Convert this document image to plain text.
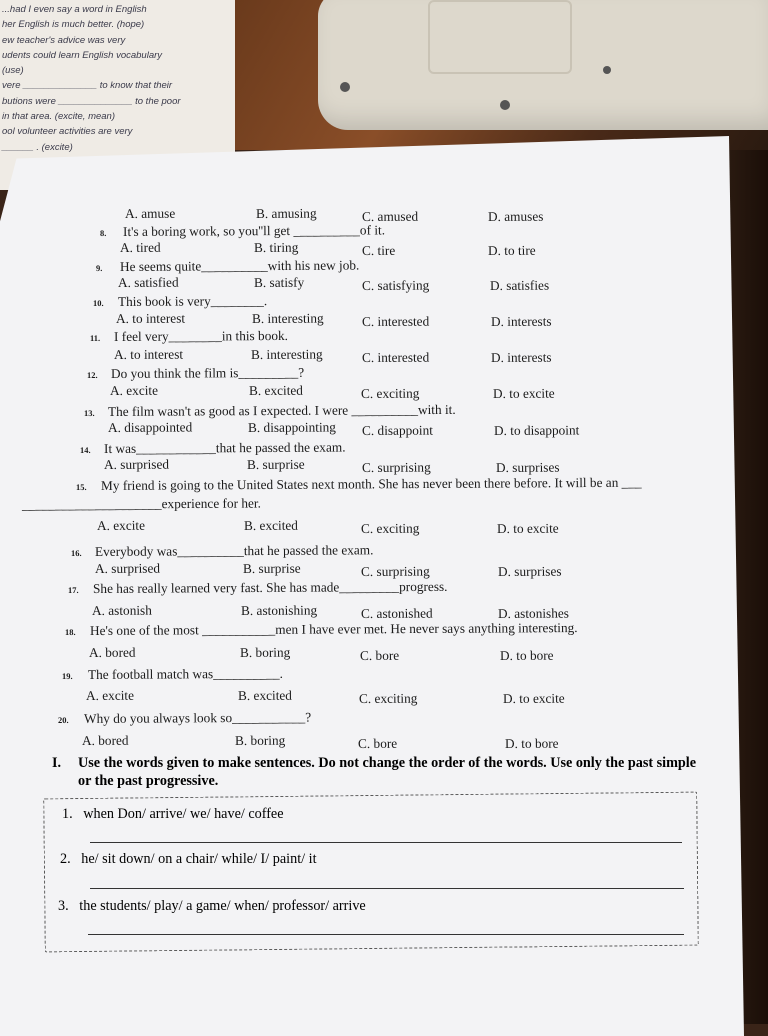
...had I even say a word in English
her English is much better. (hope)
ew teacher's advice was very
udents could learn English vocabulary
(use)
vere ______________ to know that their
butions were ______________ to the poor
in that area. (excite, mean)
ool volunteer activities are very
______ . (excite)
A. amuse	B. amusing	C. amused	D. amuses
8. It's a boring work, so you''ll get __________of it.
A. tired	B. tiring	C. tire	D. to tire
9. He seems quite__________with his new job.
A. satisfied	B. satisfy	C. satisfying	D. satisfies
10. This book is very________.
A. to interest	B. interesting	C. interested	D. interests
11. I feel very________in this book.
A. to interest	B. interesting	C. interested	D. interests
12. Do you think the film is_________?
A. excite	B. excited	C. exciting	D. to excite
13. The film wasn't as good as I expected. I were __________with it.
A. disappointed	B. disappointing C. disappoint	D. to disappoint
14. It was____________that he passed the exam.
A. surprised	B. surprise	C. surprising	D. surprises
15. My friend is going to the United States next month. She has never been there before. It will be an ___
_____________________experience for her.
A. excite	B. excited	C. exciting	D. to excite
16. Everybody was__________that he passed the exam.
A. surprised	B. surprise	C. surprising	D. surprises
17. She has really learned very fast. She has made_________progress.
A. astonish	B. astonishing	C. astonished	D. astonishes
18. He's one of the most ___________men I have ever met. He never says anything interesting.
A. bored	B. boring	C. bore	D. to bore
19. The football match was__________.
A. excite	B. excited	C. exciting	D. to excite
20. Why do you always look so___________?
A. bored	B. boring	C. bore	D. to bore
I. Use the words given to make sentences. Do not change the order of the words. Use only the past simple or the past progressive.
1. when Don/ arrive/ we/ have/ coffee
2. he/ sit down/ on a chair/ while/ I/ paint/ it
3. the students/ play/ a game/ when/ professor/ arrive
